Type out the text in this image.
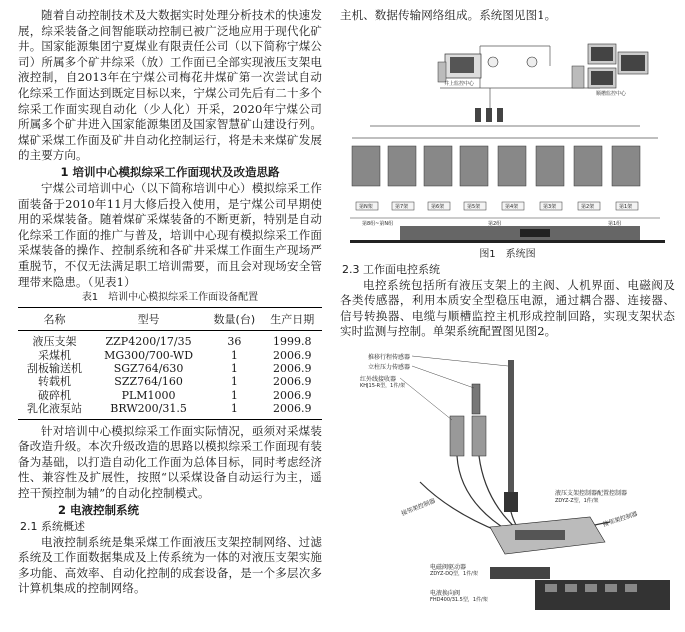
随着自动控制技术及大数据实时处理分析技术的快速发展，综采装备之间智能联动控制已被广泛地应用于现代化矿井。国家能源集团宁夏煤业有限责任公司（以下简称宁煤公司）所属多个矿井综采（放）工作面已全部实现液压支架电液控制，自2013年在宁煤公司梅花井煤矿第一次尝试自动化综采工作面达到既定目标以来，宁煤公司先后有二十多个综采工作面实现自动化（少人化）开采，2020年宁煤公司所属多个矿井进入国家能源集团及国家智慧矿山建设行列。煤矿采煤工作面及矿井自动化控制运行，将是未来煤矿发展的主要方向。

1 培训中心模拟综采工作面现状及改造思路

宁煤公司培训中心（以下简称培训中心）模拟综采工作面装备于2010年11月大修后投入使用，是宁煤公司早期使用的采煤装备。随着煤矿采煤装备的不断更新，特别是自动化综采工作面的推广与普及，培训中心现有模拟综采工作面采煤装备的操作、控制系统和各矿井采煤工作面生产现场严重脱节，不仅无法满足职工培训需要，而且会对现场安全管理带来隐患。（见表1）

表1　培训中心模拟综采工作面设备配置
名称	型号	数量(台)	生产日期
液压支架	ZZP4200/17/35	36	1999.8
采煤机	MG300/700-WD	1	2006.9
刮板输送机	SGZ764/630	1	2006.9
转载机	SZZ764/160	1	2006.9
破碎机	PLM1000	1	2006.9
乳化液泵站	BRW200/31.5	1	2006.9

针对培训中心模拟综采工作面实际情况，亟须对采煤装备改造升级。本次升级改造的思路以模拟综采工作面现有装备为基础，以打造自动化工作面为总体目标，同时考虑经济性、兼容性及扩展性，按照“以采煤设备自动运行为主，遥控干预控制为辅”的自动化控制模式。

2 电液控制系统
2.1 系统概述

电液控制系统是集采煤工作面液压支架控制网络、过滤系统及工作面数据集成及上传系统为一体的对液压支架实施多功能、高效率、自动化控制的成套设备，是一个多层次多计算机集成的控制网络。

主机、数据传输网络组成。系统图见图1。

井上监控中心
顺槽监控中心
第N架	第7架	第6架	第5架	第4架	第3架	第2架	第1架
第8组~第N组	第2组	第1组
图1　系统图
2.3 工作面电控系统

电控系统包括所有液压支架上的主阀、人机界面、电磁阀及各类传感器，利用本质安全型稳压电源，通过耦合器、连接器、信号转换器、电缆与顺槽监控主机形成控制回路，实现支架状态实时监测与控制。单架系统配置图见图2。

推移行程传感器
立柱压力传感器
红外线接收器
KHJ15-R型，1件/架
接邻架控制器
液压支架控制器配置控制器
ZDYZ-Z型，1件/架
接邻架控制器
电磁阀驱动器
ZDYZ-DQ型，1件/架
电液换向阀
FHD400/31.5型，1件/架
